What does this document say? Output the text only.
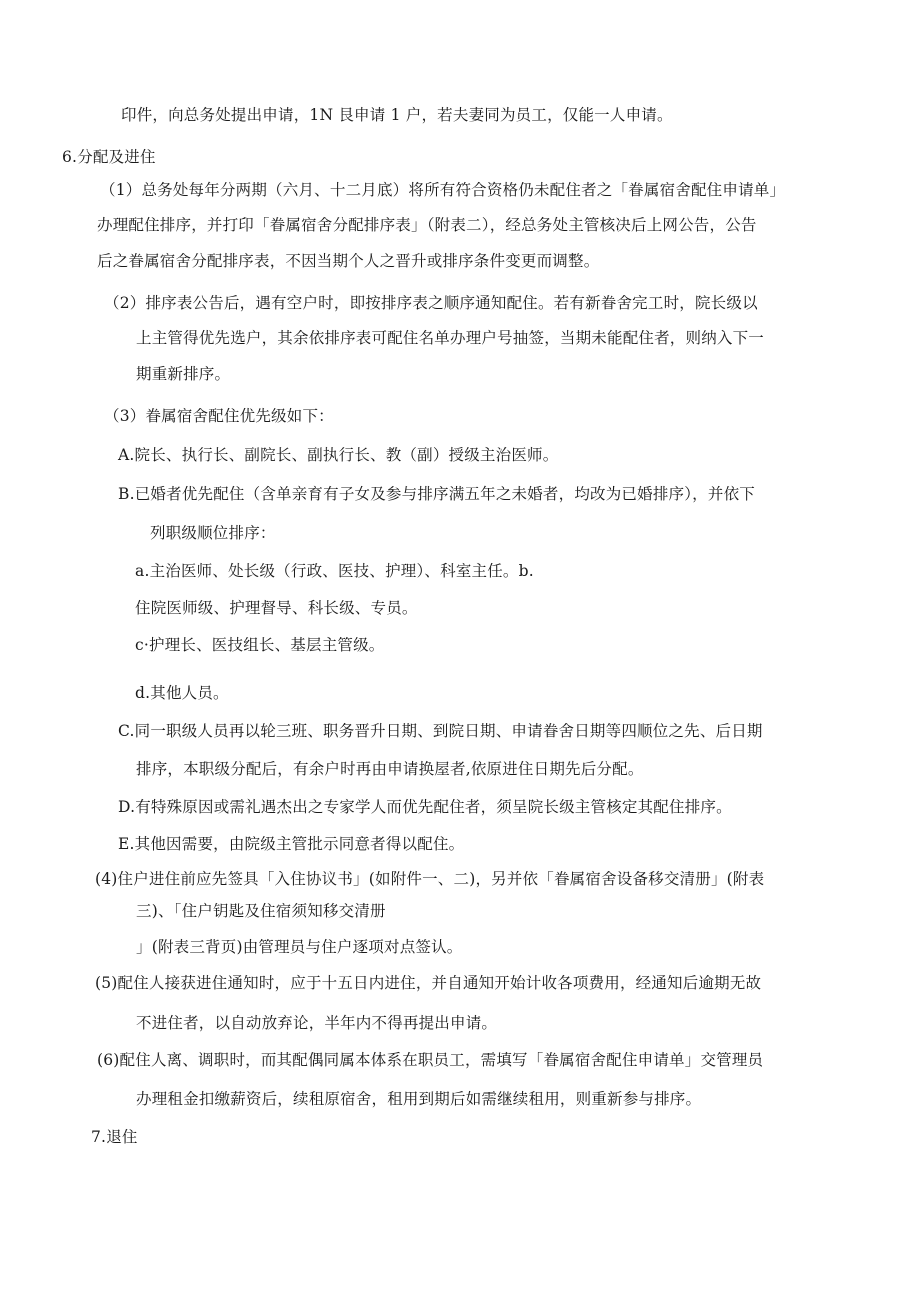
印件，向总务处提出申请，1N 艮申请 1 户，若夫妻同为员工，仅能一人申请。
6.分配及进住
（1）总务处每年分两期（六月、十二月底）将所有符合资格仍未配住者之「眷属宿舍配住申请单」
办理配住排序，并打印「眷属宿舍分配排序表」（附表二），经总务处主管核决后上网公告，公告
后之眷属宿舍分配排序表，不因当期个人之晋升或排序条件变更而调整。
（2）排序表公告后，遇有空户时，即按排序表之顺序通知配住。若有新眷舍完工时，院长级以
上主管得优先选户，其余依排序表可配住名单办理户号抽签，当期未能配住者，则纳入下一
期重新排序。
（3）眷属宿舍配住优先级如下：
A.院长、执行长、副院长、副执行长、教（副）授级主治医师。
B.已婚者优先配住（含单亲育有子女及参与排序满五年之未婚者，均改为已婚排序），并依下
列职级顺位排序：
a.主治医师、处长级（行政、医技、护理）、科室主任。b.
住院医师级、护理督导、科长级、专员。
c·护理长、医技组长、基层主管级。
d.其他人员。
C.同一职级人员再以轮三班、职务晋升日期、到院日期、申请眷舍日期等四顺位之先、后日期
排序，本职级分配后，有余户时再由申请换屋者,依原进住日期先后分配。
D.有特殊原因或需礼遇杰出之专家学人而优先配住者，须呈院长级主管核定其配住排序。
E.其他因需要，由院级主管批示同意者得以配住。
(4)住户进住前应先签具「入住协议书」(如附件一、二)，另并依「眷属宿舍设备移交清册」(附表
三)、「住户钥匙及住宿须知移交清册
」(附表三背页)由管理员与住户逐项对点签认。
(5)配住人接获进住通知时，应于十五日内进住，并自通知开始计收各项费用，经通知后逾期无故
不进住者，以自动放弃论，半年内不得再提出申请。
(6)配住人离、调职时，而其配偶同属本体系在职员工，需填写「眷属宿舍配住申请单」交管理员
办理租金扣缴薪资后，续租原宿舍，租用到期后如需继续租用，则重新参与排序。
7.退住
